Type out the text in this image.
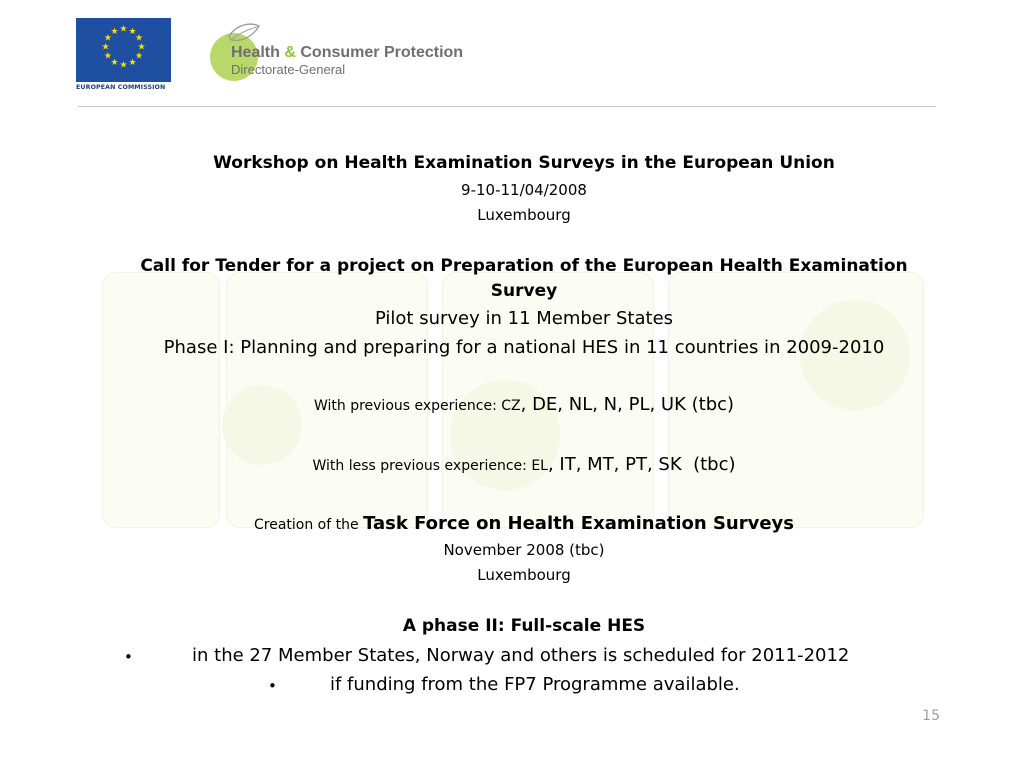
★ ★
★
★
★
★
★
★
★
★
★
★
EUROPEAN COMMISSION
Health & Consumer Protection
Directorate-General
Workshop on Health Examination Surveys in the European Union
9-10-11/04/2008
Luxembourg
Call for Tender for a project on Preparation of the European Health Examination
Survey
Pilot survey in 11 Member States
Phase I: Planning and preparing for a national HES in 11 countries in 2009-2010
With previous experience: CZ, DE, NL, N, PL, UK (tbc)
With less previous experience: EL, IT, MT, PT, SK  (tbc)
Creation of the Task Force on Health Examination Surveys
November 2008 (tbc)
Luxembourg
A phase II: Full-scale HES
•	in the 27 Member States, Norway and others is scheduled for 2011-2012
•	if funding from the FP7 Programme available.
15
